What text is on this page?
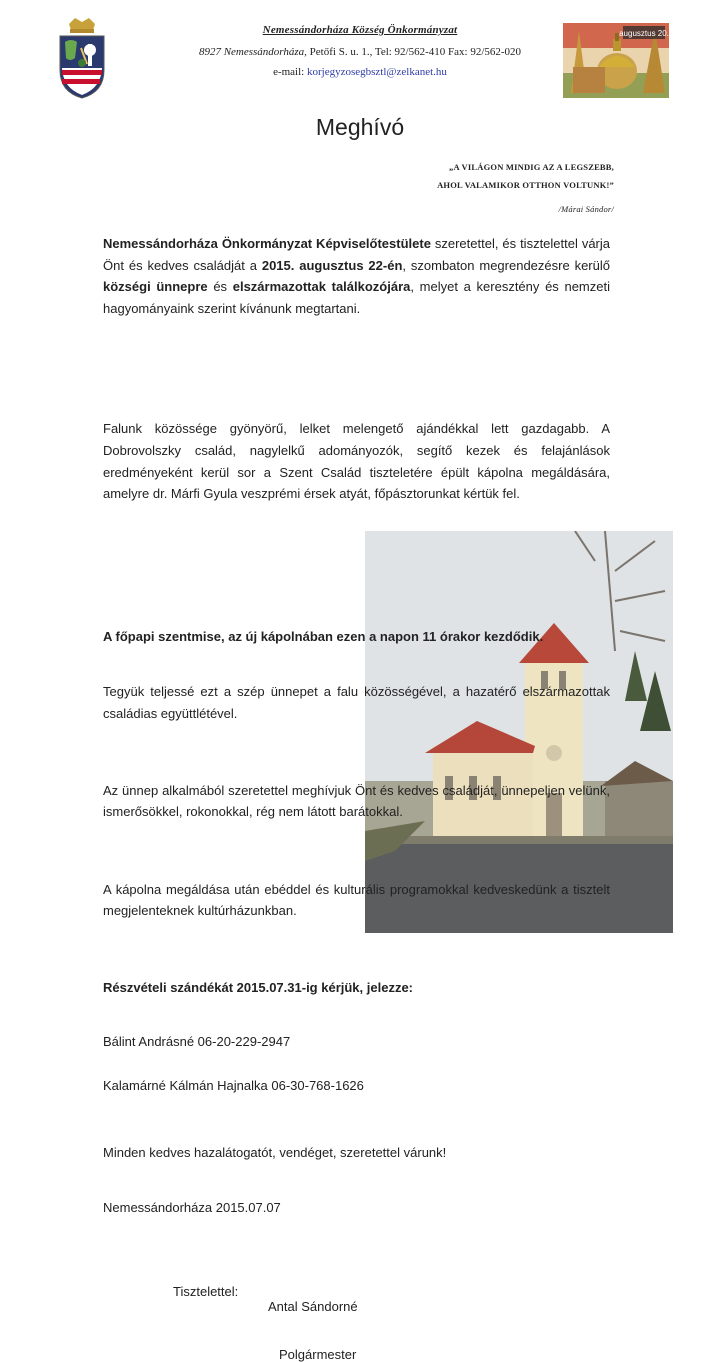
Nemessándorháza Község Önkormányzat
8927 Nemessándorháza, Petőfi S. u. 1., Tel: 92/562-410 Fax: 92/562-020
e-mail: korjegyzosegbsztl@zelkanet.hu
augusztus 20.
Meghívó
„A VILÁGON MINDIG AZ A LEGSZEBB,
AHOL VALAMIKOR OTTHON VOLTUNK!”
/Márai Sándor/
Nemessándorháza Önkormányzat Képviselőtestülete szeretettel, és tisztelettel várja Önt és kedves családját a 2015. augusztus 22-én, szombaton megrendezésre kerülő községi ünnepre és elszármazottak találkozójára, melyet a keresztény és nemzeti hagyományaink szerint kívánunk megtartani.
Falunk közössége gyönyörű, lelket melengető ajándékkal lett gazdagabb. A Dobrovolszky család, nagylelkű adományozók, segítő kezek és felajánlások eredményeként kerül sor a Szent Család tiszteletére épült kápolna megáldására, amelyre dr. Márfi Gyula veszprémi érsek atyát, főpásztorunkat kértük fel.
A főpapi szentmise, az új kápolnában ezen a napon 11 órakor kezdődik.
Tegyük teljessé ezt a szép ünnepet a falu közösségével, a hazatérő elszármazottak családias együttlétével.
Az ünnep alkalmából szeretettel meghívjuk Önt és kedves családját, ünnepeljen velünk, ismerősökkel, rokonokkal, rég nem látott barátokkal.
A kápolna megáldása után ebéddel és kulturális programokkal kedveskedünk a tisztelt megjelenteknek kultúrházunkban.
Részvételi szándékát 2015.07.31-ig kérjük, jelezze:
Bálint Andrásné 06-20-229-2947
Kalamárné Kálmán Hajnalka 06-30-768-1626
Minden kedves hazalátogatót, vendéget, szeretettel várunk!
Nemessándorháza 2015.07.07
Tisztelettel:
Antal Sándorné
Polgármester
